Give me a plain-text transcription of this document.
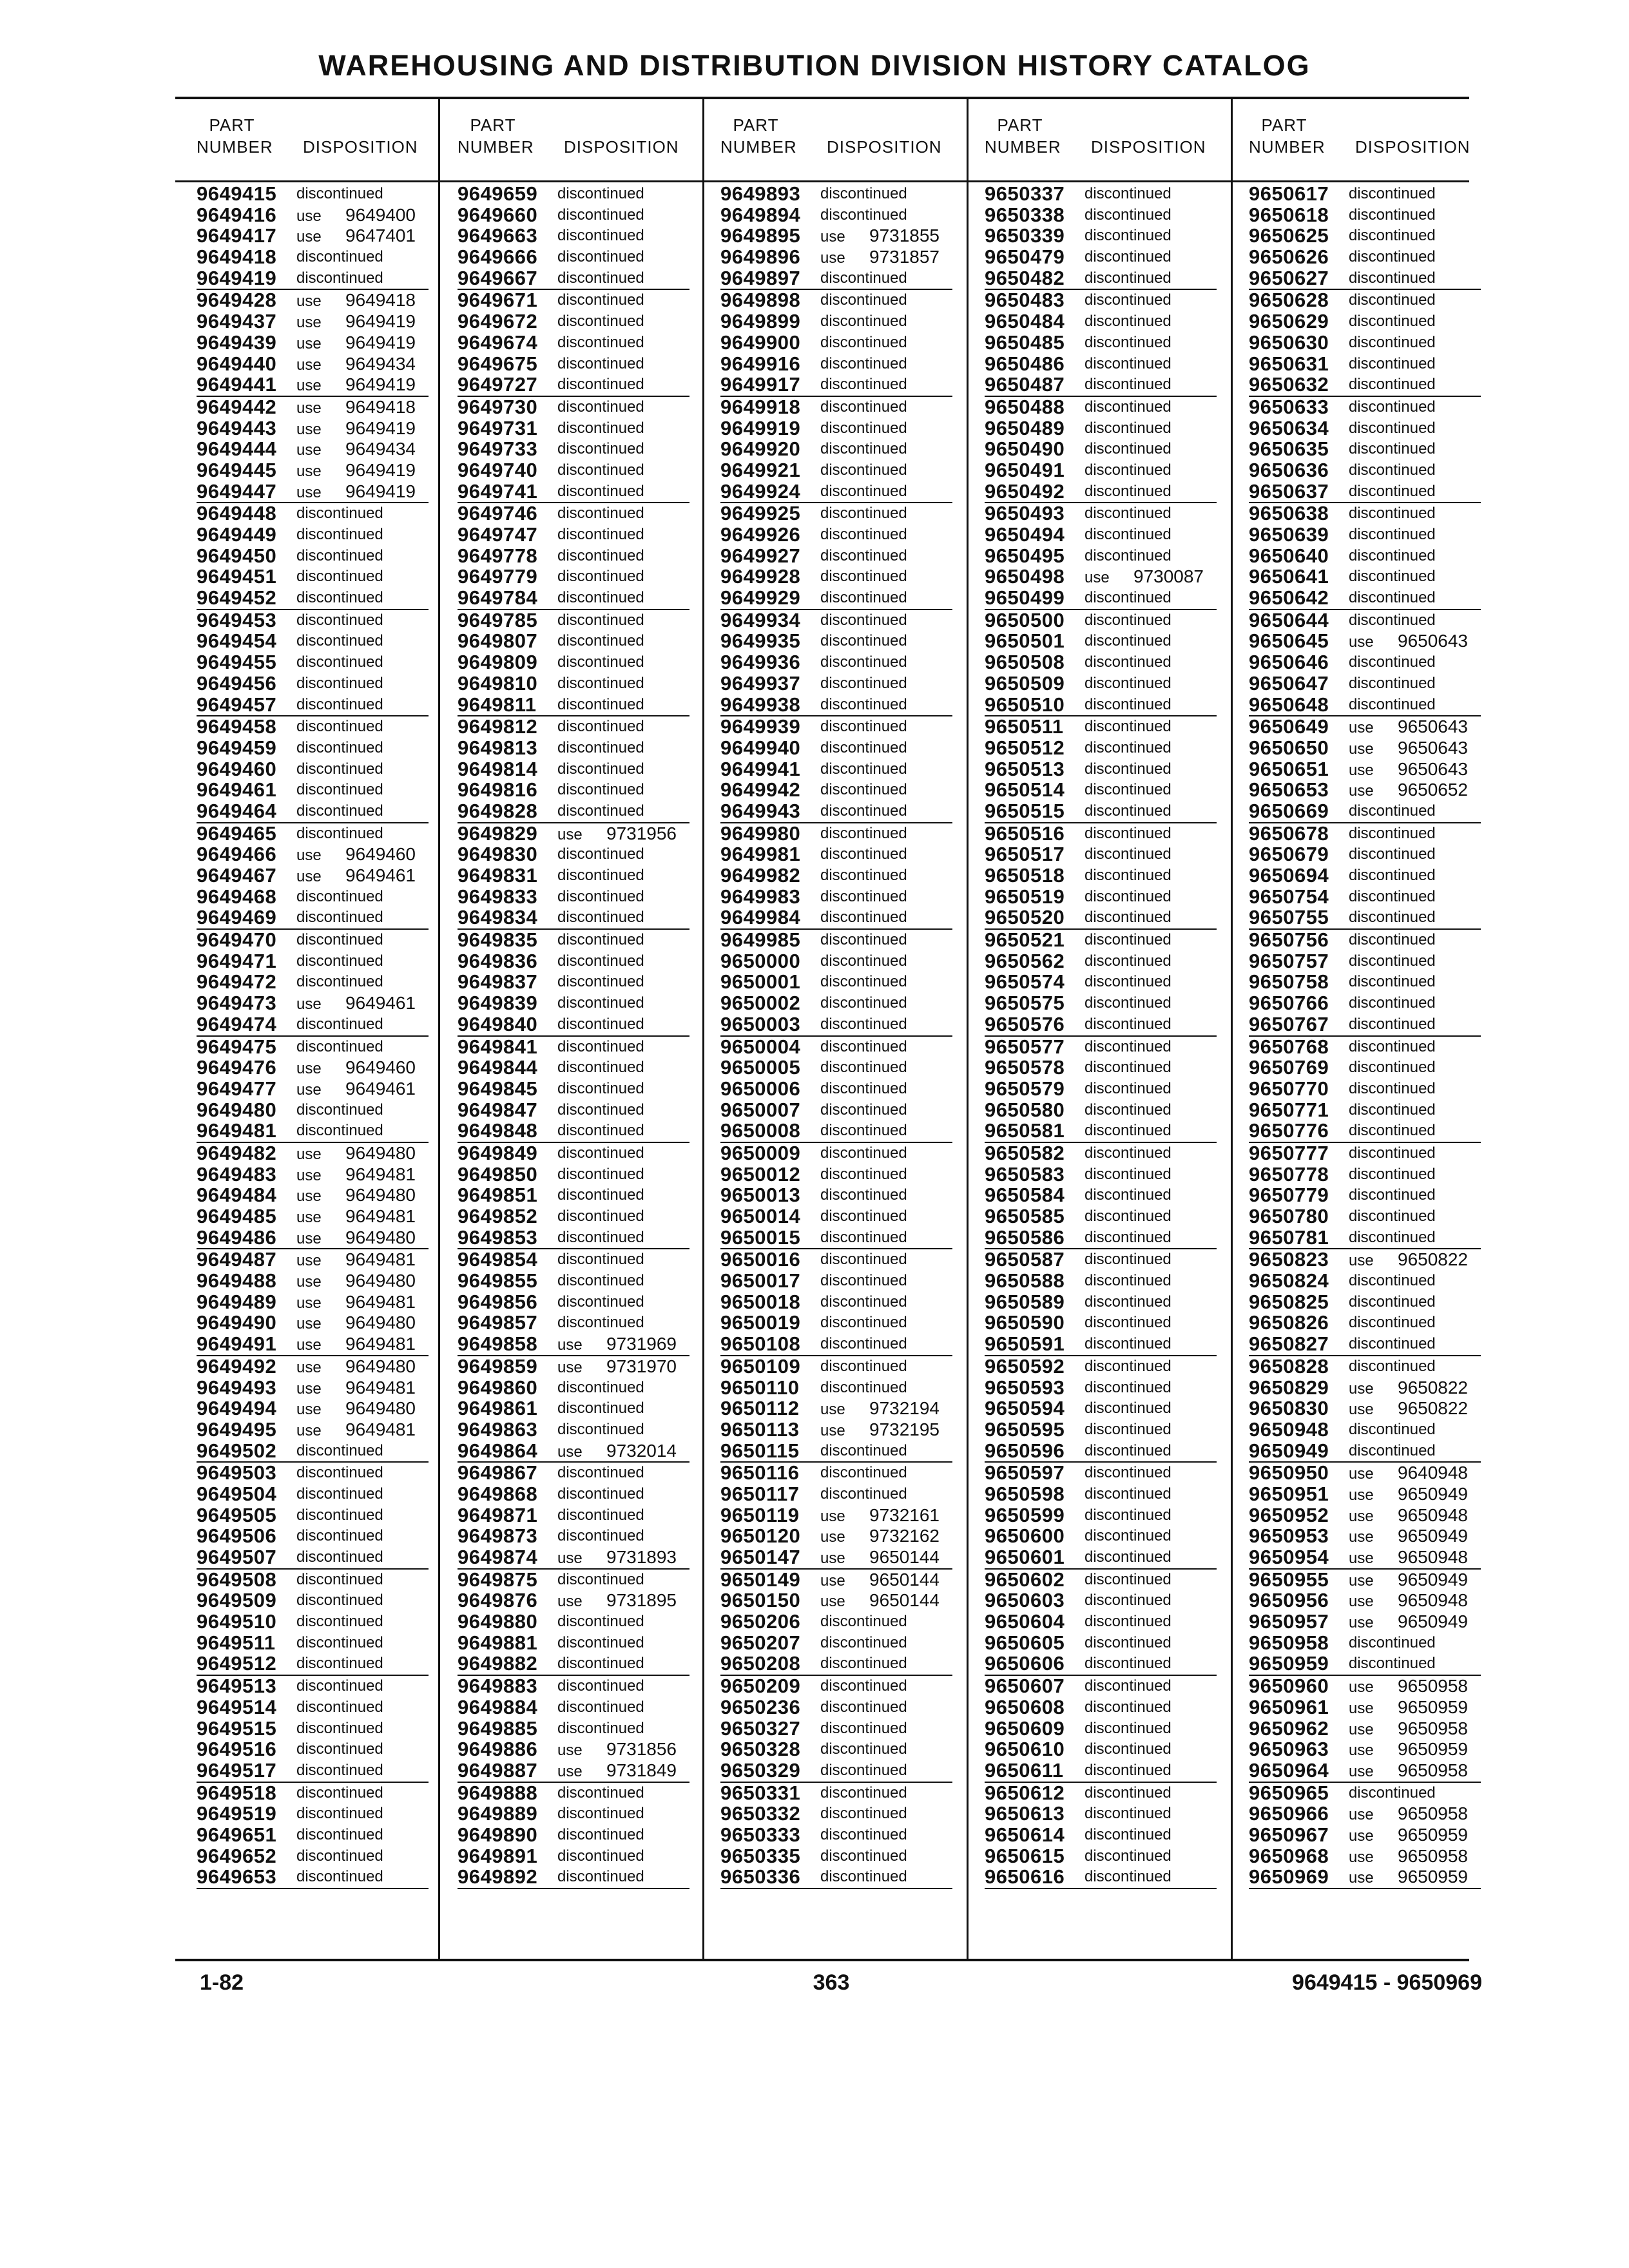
WAREHOUSING AND DISTRIBUTION DIVISION HISTORY CATALOG
PART
NUMBER DISPOSITION
PART
NUMBER DISPOSITION
PART
NUMBER DISPOSITION
PART
NUMBER DISPOSITION
PART
NUMBER DISPOSITION
9649415 discontinued
9649416 use 9649400
9649417 use 9647401
9649418 discontinued
9649419 discontinued
9649428 use 9649418
9649437 use 9649419
9649439 use 9649419
9649440 use 9649434
9649441 use 9649419
9649442 use 9649418
9649443 use 9649419
9649444 use 9649434
9649445 use 9649419
9649447 use 9649419
9649448 discontinued
9649449 discontinued
9649450 discontinued
9649451 discontinued
9649452 discontinued
9649453 discontinued
9649454 discontinued
9649455 discontinued
9649456 discontinued
9649457 discontinued
9649458 discontinued
9649459 discontinued
9649460 discontinued
9649461 discontinued
9649464 discontinued
9649465 discontinued
9649466 use 9649460
9649467 use 9649461
9649468 discontinued
9649469 discontinued
9649470 discontinued
9649471 discontinued
9649472 discontinued
9649473 use 9649461
9649474 discontinued
9649475 discontinued
9649476 use 9649460
9649477 use 9649461
9649480 discontinued
9649481 discontinued
9649482 use 9649480
9649483 use 9649481
9649484 use 9649480
9649485 use 9649481
9649486 use 9649480
9649487 use 9649481
9649488 use 9649480
9649489 use 9649481
9649490 use 9649480
9649491 use 9649481
9649492 use 9649480
9649493 use 9649481
9649494 use 9649480
9649495 use 9649481
9649502 discontinued
9649503 discontinued
9649504 discontinued
9649505 discontinued
9649506 discontinued
9649507 discontinued
9649508 discontinued
9649509 discontinued
9649510 discontinued
9649511 discontinued
9649512 discontinued
9649513 discontinued
9649514 discontinued
9649515 discontinued
9649516 discontinued
9649517 discontinued
9649518 discontinued
9649519 discontinued
9649651 discontinued
9649652 discontinued
9649653 discontinued
9649659 discontinued
9649660 discontinued
9649663 discontinued
9649666 discontinued
9649667 discontinued
9649671 discontinued
9649672 discontinued
9649674 discontinued
9649675 discontinued
9649727 discontinued
9649730 discontinued
9649731 discontinued
9649733 discontinued
9649740 discontinued
9649741 discontinued
9649746 discontinued
9649747 discontinued
9649778 discontinued
9649779 discontinued
9649784 discontinued
9649785 discontinued
9649807 discontinued
9649809 discontinued
9649810 discontinued
9649811 discontinued
9649812 discontinued
9649813 discontinued
9649814 discontinued
9649816 discontinued
9649828 discontinued
9649829 use 9731956
9649830 discontinued
9649831 discontinued
9649833 discontinued
9649834 discontinued
9649835 discontinued
9649836 discontinued
9649837 discontinued
9649839 discontinued
9649840 discontinued
9649841 discontinued
9649844 discontinued
9649845 discontinued
9649847 discontinued
9649848 discontinued
9649849 discontinued
9649850 discontinued
9649851 discontinued
9649852 discontinued
9649853 discontinued
9649854 discontinued
9649855 discontinued
9649856 discontinued
9649857 discontinued
9649858 use 9731969
9649859 use 9731970
9649860 discontinued
9649861 discontinued
9649863 discontinued
9649864 use 9732014
9649867 discontinued
9649868 discontinued
9649871 discontinued
9649873 discontinued
9649874 use 9731893
9649875 discontinued
9649876 use 9731895
9649880 discontinued
9649881 discontinued
9649882 discontinued
9649883 discontinued
9649884 discontinued
9649885 discontinued
9649886 use 9731856
9649887 use 9731849
9649888 discontinued
9649889 discontinued
9649890 discontinued
9649891 discontinued
9649892 discontinued
9649893 discontinued
9649894 discontinued
9649895 use 9731855
9649896 use 9731857
9649897 discontinued
9649898 discontinued
9649899 discontinued
9649900 discontinued
9649916 discontinued
9649917 discontinued
9649918 discontinued
9649919 discontinued
9649920 discontinued
9649921 discontinued
9649924 discontinued
9649925 discontinued
9649926 discontinued
9649927 discontinued
9649928 discontinued
9649929 discontinued
9649934 discontinued
9649935 discontinued
9649936 discontinued
9649937 discontinued
9649938 discontinued
9649939 discontinued
9649940 discontinued
9649941 discontinued
9649942 discontinued
9649943 discontinued
9649980 discontinued
9649981 discontinued
9649982 discontinued
9649983 discontinued
9649984 discontinued
9649985 discontinued
9650000 discontinued
9650001 discontinued
9650002 discontinued
9650003 discontinued
9650004 discontinued
9650005 discontinued
9650006 discontinued
9650007 discontinued
9650008 discontinued
9650009 discontinued
9650012 discontinued
9650013 discontinued
9650014 discontinued
9650015 discontinued
9650016 discontinued
9650017 discontinued
9650018 discontinued
9650019 discontinued
9650108 discontinued
9650109 discontinued
9650110 discontinued
9650112 use 9732194
9650113 use 9732195
9650115 discontinued
9650116 discontinued
9650117 discontinued
9650119 use 9732161
9650120 use 9732162
9650147 use 9650144
9650149 use 9650144
9650150 use 9650144
9650206 discontinued
9650207 discontinued
9650208 discontinued
9650209 discontinued
9650236 discontinued
9650327 discontinued
9650328 discontinued
9650329 discontinued
9650331 discontinued
9650332 discontinued
9650333 discontinued
9650335 discontinued
9650336 discontinued
9650337 discontinued
9650338 discontinued
9650339 discontinued
9650479 discontinued
9650482 discontinued
9650483 discontinued
9650484 discontinued
9650485 discontinued
9650486 discontinued
9650487 discontinued
9650488 discontinued
9650489 discontinued
9650490 discontinued
9650491 discontinued
9650492 discontinued
9650493 discontinued
9650494 discontinued
9650495 discontinued
9650498 use 9730087
9650499 discontinued
9650500 discontinued
9650501 discontinued
9650508 discontinued
9650509 discontinued
9650510 discontinued
9650511 discontinued
9650512 discontinued
9650513 discontinued
9650514 discontinued
9650515 discontinued
9650516 discontinued
9650517 discontinued
9650518 discontinued
9650519 discontinued
9650520 discontinued
9650521 discontinued
9650562 discontinued
9650574 discontinued
9650575 discontinued
9650576 discontinued
9650577 discontinued
9650578 discontinued
9650579 discontinued
9650580 discontinued
9650581 discontinued
9650582 discontinued
9650583 discontinued
9650584 discontinued
9650585 discontinued
9650586 discontinued
9650587 discontinued
9650588 discontinued
9650589 discontinued
9650590 discontinued
9650591 discontinued
9650592 discontinued
9650593 discontinued
9650594 discontinued
9650595 discontinued
9650596 discontinued
9650597 discontinued
9650598 discontinued
9650599 discontinued
9650600 discontinued
9650601 discontinued
9650602 discontinued
9650603 discontinued
9650604 discontinued
9650605 discontinued
9650606 discontinued
9650607 discontinued
9650608 discontinued
9650609 discontinued
9650610 discontinued
9650611 discontinued
9650612 discontinued
9650613 discontinued
9650614 discontinued
9650615 discontinued
9650616 discontinued
9650617 discontinued
9650618 discontinued
9650625 discontinued
9650626 discontinued
9650627 discontinued
9650628 discontinued
9650629 discontinued
9650630 discontinued
9650631 discontinued
9650632 discontinued
9650633 discontinued
9650634 discontinued
9650635 discontinued
9650636 discontinued
9650637 discontinued
9650638 discontinued
9650639 discontinued
9650640 discontinued
9650641 discontinued
9650642 discontinued
9650644 discontinued
9650645 use 9650643
9650646 discontinued
9650647 discontinued
9650648 discontinued
9650649 use 9650643
9650650 use 9650643
9650651 use 9650643
9650653 use 9650652
9650669 discontinued
9650678 discontinued
9650679 discontinued
9650694 discontinued
9650754 discontinued
9650755 discontinued
9650756 discontinued
9650757 discontinued
9650758 discontinued
9650766 discontinued
9650767 discontinued
9650768 discontinued
9650769 discontinued
9650770 discontinued
9650771 discontinued
9650776 discontinued
9650777 discontinued
9650778 discontinued
9650779 discontinued
9650780 discontinued
9650781 discontinued
9650823 use 9650822
9650824 discontinued
9650825 discontinued
9650826 discontinued
9650827 discontinued
9650828 discontinued
9650829 use 9650822
9650830 use 9650822
9650948 discontinued
9650949 discontinued
9650950 use 9640948
9650951 use 9650949
9650952 use 9650948
9650953 use 9650949
9650954 use 9650948
9650955 use 9650949
9650956 use 9650948
9650957 use 9650949
9650958 discontinued
9650959 discontinued
9650960 use 9650958
9650961 use 9650959
9650962 use 9650958
9650963 use 9650959
9650964 use 9650958
9650965 discontinued
9650966 use 9650958
9650967 use 9650959
9650968 use 9650958
9650969 use 9650959
1-82	363	9649415 - 9650969
